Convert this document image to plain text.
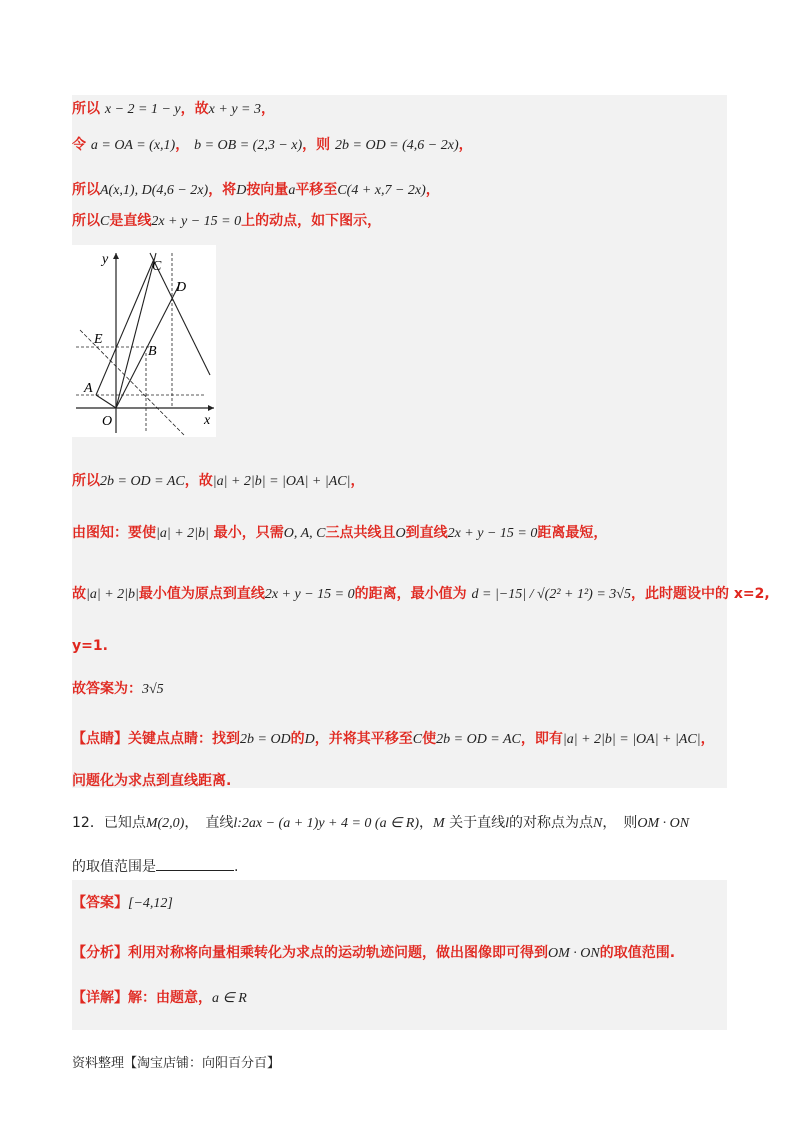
所以 x − 2 = 1 − y，故x + y = 3，
令 a = OA = (x,1)， b = OB = (2,3 − x)，则 2b = OD = (4,6 − 2x)，
所以A(x,1), D(4,6 − 2x)，将D按向量a平移至C(4 + x,7 − 2x)，
所以C是直线2x + y − 15 = 0上的动点，如下图示，
y
x
O
A
B
C
D
E
所以2b = OD = AC，故|a| + 2|b| = |OA| + |AC|，
由图知：要使|a| + 2|b| 最小，只需O, A, C三点共线且O到直线2x + y − 15 = 0距离最短，
故|a| + 2|b|最小值为原点到直线2x + y − 15 = 0的距离，最小值为 d = |−15| / √(2² + 1²) = 3√5，此时题设中的 x=2,
y=1.
故答案为：3√5
【点睛】关键点点睛：找到2b = OD的D，并将其平移至C使2b = OD = AC，即有|a| + 2|b| = |OA| + |AC|，
问题化为求点到直线距离.
12．已知点M(2,0)，　直线l:2ax − (a + 1)y + 4 = 0 (a ∈ R)，M 关于直线l的对称点为点N，　则OM · ON
的取值范围是	.
【答案】[−4,12]
【分析】利用对称将向量相乘转化为求点的运动轨迹问题，做出图像即可得到OM · ON的取值范围.
【详解】解：由题意，a ∈ R
资料整理【淘宝店铺：向阳百分百】
